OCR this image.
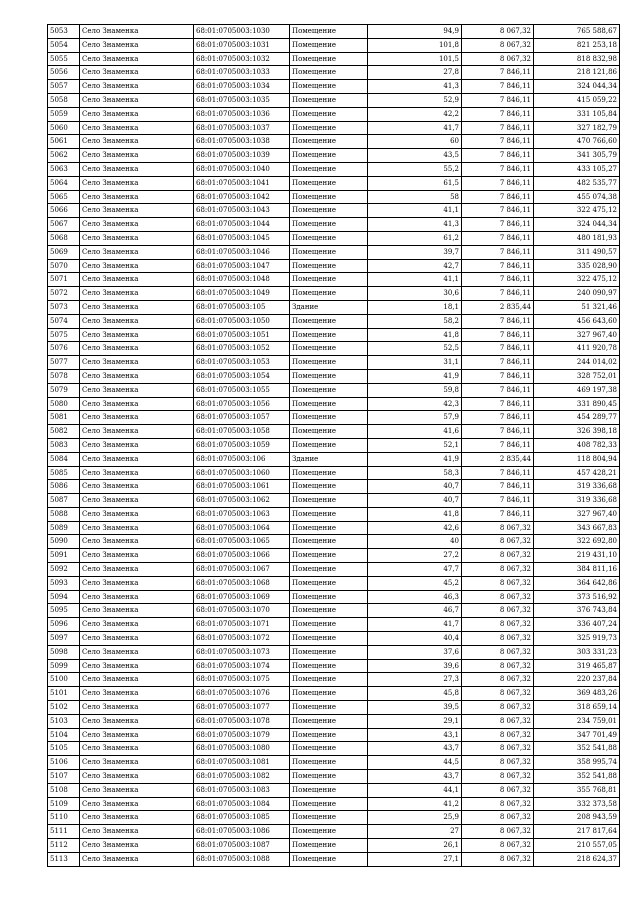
5053	Село Знаменка	68:01:0705003:1030	Помещение	94,9	8 067,32	765 588,67
5054	Село Знаменка	68:01:0705003:1031	Помещение	101,8	8 067,32	821 253,18
5055	Село Знаменка	68:01:0705003:1032	Помещение	101,5	8 067,32	818 832,98
5056	Село Знаменка	68:01:0705003:1033	Помещение	27,8	7 846,11	218 121,86
5057	Село Знаменка	68:01:0705003:1034	Помещение	41,3	7 846,11	324 044,34
5058	Село Знаменка	68:01:0705003:1035	Помещение	52,9	7 846,11	415 059,22
5059	Село Знаменка	68:01:0705003:1036	Помещение	42,2	7 846,11	331 105,84
5060	Село Знаменка	68:01:0705003:1037	Помещение	41,7	7 846,11	327 182,79
5061	Село Знаменка	68:01:0705003:1038	Помещение	60	7 846,11	470 766,60
5062	Село Знаменка	68:01:0705003:1039	Помещение	43,5	7 846,11	341 305,79
5063	Село Знаменка	68:01:0705003:1040	Помещение	55,2	7 846,11	433 105,27
5064	Село Знаменка	68:01:0705003:1041	Помещение	61,5	7 846,11	482 535,77
5065	Село Знаменка	68:01:0705003:1042	Помещение	58	7 846,11	455 074,38
5066	Село Знаменка	68:01:0705003:1043	Помещение	41,1	7 846,11	322 475,12
5067	Село Знаменка	68:01:0705003:1044	Помещение	41,3	7 846,11	324 044,34
5068	Село Знаменка	68:01:0705003:1045	Помещение	61,2	7 846,11	480 181,93
5069	Село Знаменка	68:01:0705003:1046	Помещение	39,7	7 846,11	311 490,57
5070	Село Знаменка	68:01:0705003:1047	Помещение	42,7	7 846,11	335 028,90
5071	Село Знаменка	68:01:0705003:1048	Помещение	41,1	7 846,11	322 475,12
5072	Село Знаменка	68:01:0705003:1049	Помещение	30,6	7 846,11	240 090,97
5073	Село Знаменка	68:01:0705003:105	Здание	18,1	2 835,44	51 321,46
5074	Село Знаменка	68:01:0705003:1050	Помещение	58,2	7 846,11	456 643,60
5075	Село Знаменка	68:01:0705003:1051	Помещение	41,8	7 846,11	327 967,40
5076	Село Знаменка	68:01:0705003:1052	Помещение	52,5	7 846,11	411 920,78
5077	Село Знаменка	68:01:0705003:1053	Помещение	31,1	7 846,11	244 014,02
5078	Село Знаменка	68:01:0705003:1054	Помещение	41,9	7 846,11	328 752,01
5079	Село Знаменка	68:01:0705003:1055	Помещение	59,8	7 846,11	469 197,38
5080	Село Знаменка	68:01:0705003:1056	Помещение	42,3	7 846,11	331 890,45
5081	Село Знаменка	68:01:0705003:1057	Помещение	57,9	7 846,11	454 289,77
5082	Село Знаменка	68:01:0705003:1058	Помещение	41,6	7 846,11	326 398,18
5083	Село Знаменка	68:01:0705003:1059	Помещение	52,1	7 846,11	408 782,33
5084	Село Знаменка	68:01:0705003:106	Здание	41,9	2 835,44	118 804,94
5085	Село Знаменка	68:01:0705003:1060	Помещение	58,3	7 846,11	457 428,21
5086	Село Знаменка	68:01:0705003:1061	Помещение	40,7	7 846,11	319 336,68
5087	Село Знаменка	68:01:0705003:1062	Помещение	40,7	7 846,11	319 336,68
5088	Село Знаменка	68:01:0705003:1063	Помещение	41,8	7 846,11	327 967,40
5089	Село Знаменка	68:01:0705003:1064	Помещение	42,6	8 067,32	343 667,83
5090	Село Знаменка	68:01:0705003:1065	Помещение	40	8 067,32	322 692,80
5091	Село Знаменка	68:01:0705003:1066	Помещение	27,2	8 067,32	219 431,10
5092	Село Знаменка	68:01:0705003:1067	Помещение	47,7	8 067,32	384 811,16
5093	Село Знаменка	68:01:0705003:1068	Помещение	45,2	8 067,32	364 642,86
5094	Село Знаменка	68:01:0705003:1069	Помещение	46,3	8 067,32	373 516,92
5095	Село Знаменка	68:01:0705003:1070	Помещение	46,7	8 067,32	376 743,84
5096	Село Знаменка	68:01:0705003:1071	Помещение	41,7	8 067,32	336 407,24
5097	Село Знаменка	68:01:0705003:1072	Помещение	40,4	8 067,32	325 919,73
5098	Село Знаменка	68:01:0705003:1073	Помещение	37,6	8 067,32	303 331,23
5099	Село Знаменка	68:01:0705003:1074	Помещение	39,6	8 067,32	319 465,87
5100	Село Знаменка	68:01:0705003:1075	Помещение	27,3	8 067,32	220 237,84
5101	Село Знаменка	68:01:0705003:1076	Помещение	45,8	8 067,32	369 483,26
5102	Село Знаменка	68:01:0705003:1077	Помещение	39,5	8 067,32	318 659,14
5103	Село Знаменка	68:01:0705003:1078	Помещение	29,1	8 067,32	234 759,01
5104	Село Знаменка	68:01:0705003:1079	Помещение	43,1	8 067,32	347 701,49
5105	Село Знаменка	68:01:0705003:1080	Помещение	43,7	8 067,32	352 541,88
5106	Село Знаменка	68:01:0705003:1081	Помещение	44,5	8 067,32	358 995,74
5107	Село Знаменка	68:01:0705003:1082	Помещение	43,7	8 067,32	352 541,88
5108	Село Знаменка	68:01:0705003:1083	Помещение	44,1	8 067,32	355 768,81
5109	Село Знаменка	68:01:0705003:1084	Помещение	41,2	8 067,32	332 373,58
5110	Село Знаменка	68:01:0705003:1085	Помещение	25,9	8 067,32	208 943,59
5111	Село Знаменка	68:01:0705003:1086	Помещение	27	8 067,32	217 817,64
5112	Село Знаменка	68:01:0705003:1087	Помещение	26,1	8 067,32	210 557,05
5113	Село Знаменка	68:01:0705003:1088	Помещение	27,1	8 067,32	218 624,37
